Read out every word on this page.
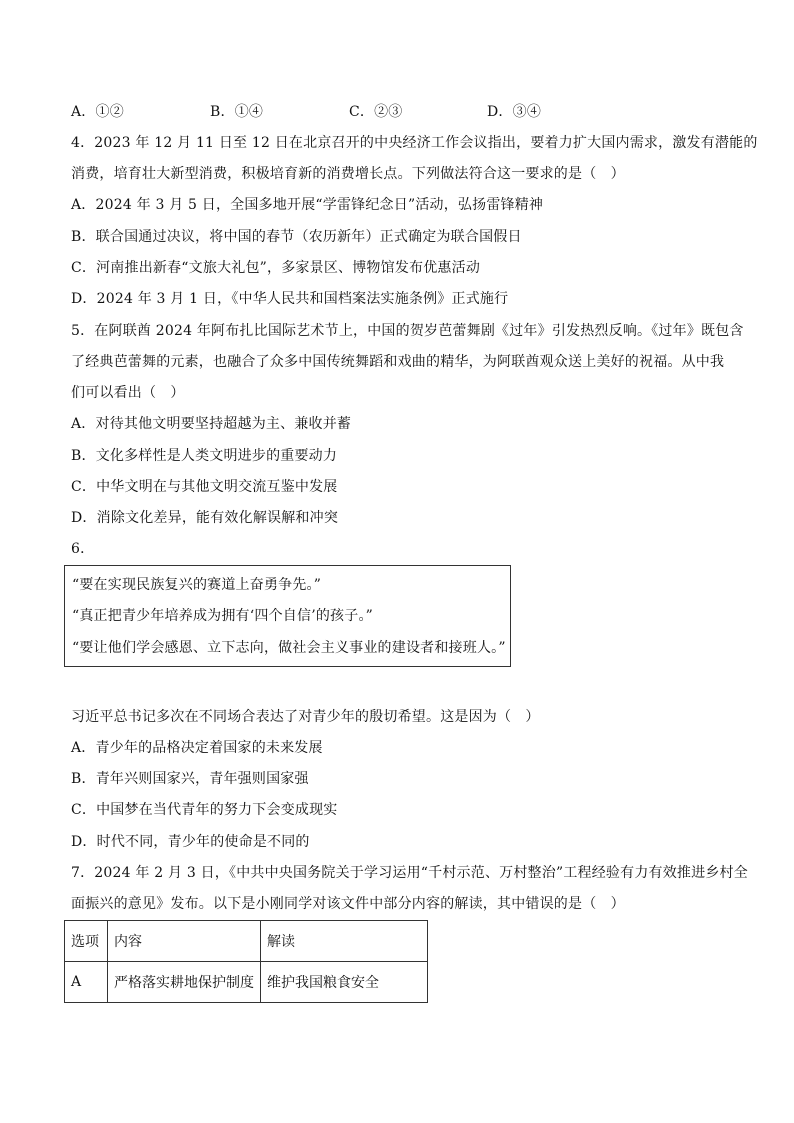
A．①②	B．①④	C．②③	D．③④
4．2023 年 12 月 11 日至 12 日在北京召开的中央经济工作会议指出，要着力扩大国内需求，激发有潜能的
消费，培育壮大新型消费，积极培育新的消费增长点。下列做法符合这一要求的是（　）
A．2024 年 3 月 5 日，全国多地开展“学雷锋纪念日”活动，弘扬雷锋精神
B．联合国通过决议，将中国的春节（农历新年）正式确定为联合国假日
C．河南推出新春“文旅大礼包”，多家景区、博物馆发布优惠活动
D．2024 年 3 月 1 日，《中华人民共和国档案法实施条例》正式施行
5．在阿联酋 2024 年阿布扎比国际艺术节上，中国的贺岁芭蕾舞剧《过年》引发热烈反响。《过年》既包含
了经典芭蕾舞的元素，也融合了众多中国传统舞蹈和戏曲的精华，为阿联酋观众送上美好的祝福。从中我
们可以看出（　）
A．对待其他文明要坚持超越为主、兼收并蓄
B．文化多样性是人类文明进步的重要动力
C．中华文明在与其他文明交流互鉴中发展
D．消除文化差异，能有效化解误解和冲突
6．
“要在实现民族复兴的赛道上奋勇争先。”
“真正把青少年培养成为拥有‘四个自信’的孩子。”
“要让他们学会感恩、立下志向，做社会主义事业的建设者和接班人。”
习近平总书记多次在不同场合表达了对青少年的殷切希望。这是因为（　）
A．青少年的品格决定着国家的未来发展
B．青年兴则国家兴，青年强则国家强
C．中国梦在当代青年的努力下会变成现实
D．时代不同，青少年的使命是不同的
7．2024 年 2 月 3 日，《中共中央国务院关于学习运用“千村示范、万村整治”工程经验有力有效推进乡村全
面振兴的意见》发布。以下是小刚同学对该文件中部分内容的解读，其中错误的是（　）
选项	内容	解读
A	严格落实耕地保护制度	维护我国粮食安全
